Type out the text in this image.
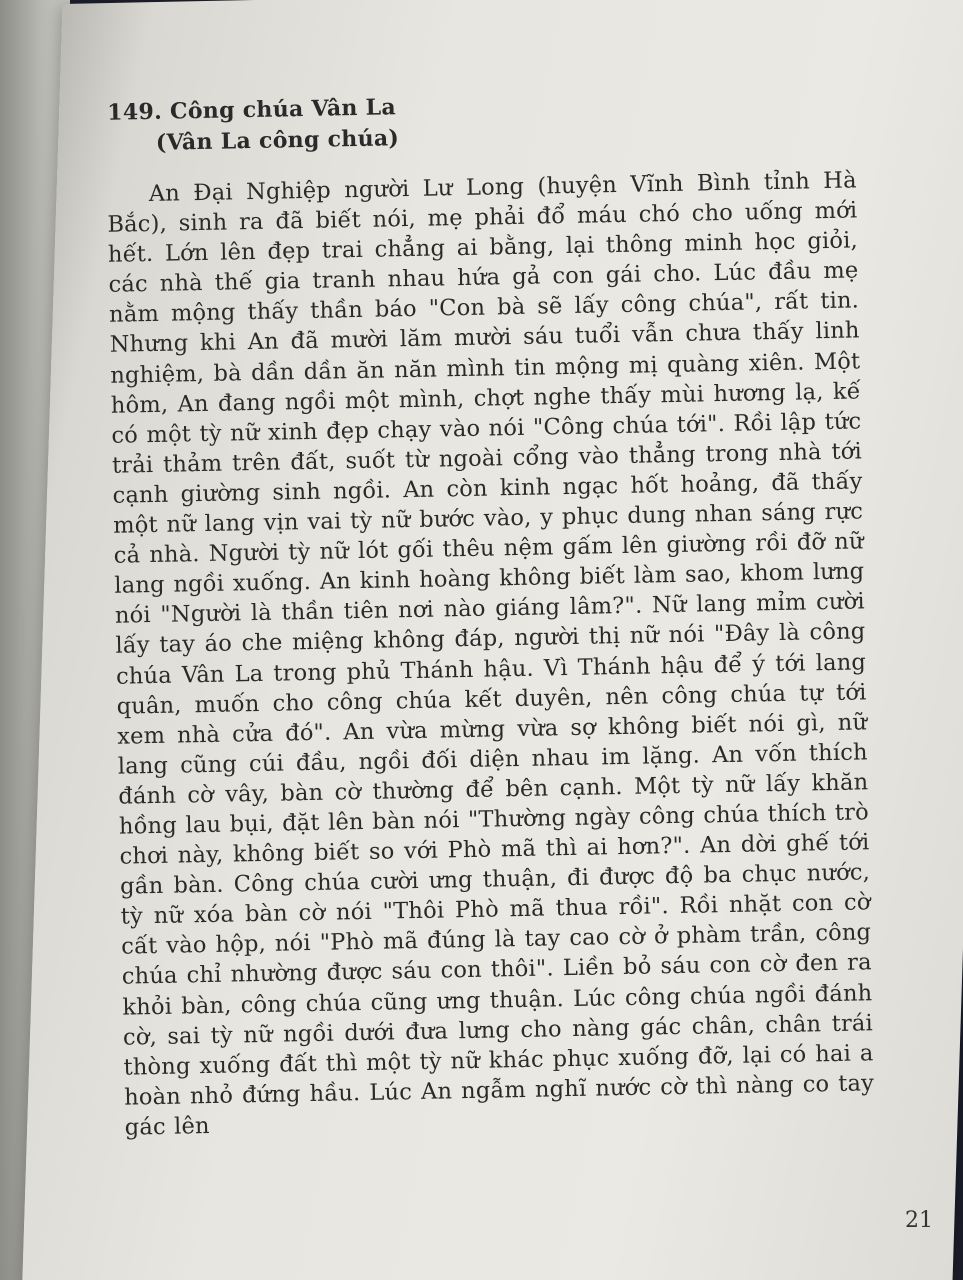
149. Công chúa Vân La
(Vân La công chúa)

An Đại Nghiệp người Lư Long (huyện Vĩnh Bình tỉnh Hà Bắc), sinh ra đã biết nói, mẹ phải đổ máu chó cho uống mới hết. Lớn lên đẹp trai chẳng ai bằng, lại thông minh học giỏi, các nhà thế gia tranh nhau hứa gả con gái cho. Lúc đầu mẹ nằm mộng thấy thần báo "Con bà sẽ lấy công chúa", rất tin. Nhưng khi An đã mười lăm mười sáu tuổi vẫn chưa thấy linh nghiệm, bà dần dần ăn năn mình tin mộng mị quàng xiên. Một hôm, An đang ngồi một mình, chợt nghe thấy mùi hương lạ, kế có một tỳ nữ xinh đẹp chạy vào nói "Công chúa tới". Rồi lập tức trải thảm trên đất, suốt từ ngoài cổng vào thẳng trong nhà tới cạnh giường sinh ngồi. An còn kinh ngạc hốt hoảng, đã thấy một nữ lang vịn vai tỳ nữ bước vào, y phục dung nhan sáng rực cả nhà. Người tỳ nữ lót gối thêu nệm gấm lên giường rồi đỡ nữ lang ngồi xuống. An kinh hoàng không biết làm sao, khom lưng nói "Người là thần tiên nơi nào giáng lâm?". Nữ lang mỉm cười lấy tay áo che miệng không đáp, người thị nữ nói "Đây là công chúa Vân La trong phủ Thánh hậu. Vì Thánh hậu để ý tới lang quân, muốn cho công chúa kết duyên, nên công chúa tự tới xem nhà cửa đó". An vừa mừng vừa sợ không biết nói gì, nữ lang cũng cúi đầu, ngồi đối diện nhau im lặng. An vốn thích đánh cờ vây, bàn cờ thường để bên cạnh. Một tỳ nữ lấy khăn hồng lau bụi, đặt lên bàn nói "Thường ngày công chúa thích trò chơi này, không biết so với Phò mã thì ai hơn?". An dời ghế tới gần bàn. Công chúa cười ưng thuận, đi được độ ba chục nước, tỳ nữ xóa bàn cờ nói "Thôi Phò mã thua rồi". Rồi nhặt con cờ cất vào hộp, nói "Phò mã đúng là tay cao cờ ở phàm trần, công chúa chỉ nhường được sáu con thôi". Liền bỏ sáu con cờ đen ra khỏi bàn, công chúa cũng ưng thuận. Lúc công chúa ngồi đánh cờ, sai tỳ nữ ngồi dưới đưa lưng cho nàng gác chân, chân trái thòng xuống đất thì một tỳ nữ khác phục xuống đỡ, lại có hai a hoàn nhỏ đứng hầu. Lúc An ngẫm nghĩ nước cờ thì nàng co tay gác lên

21
